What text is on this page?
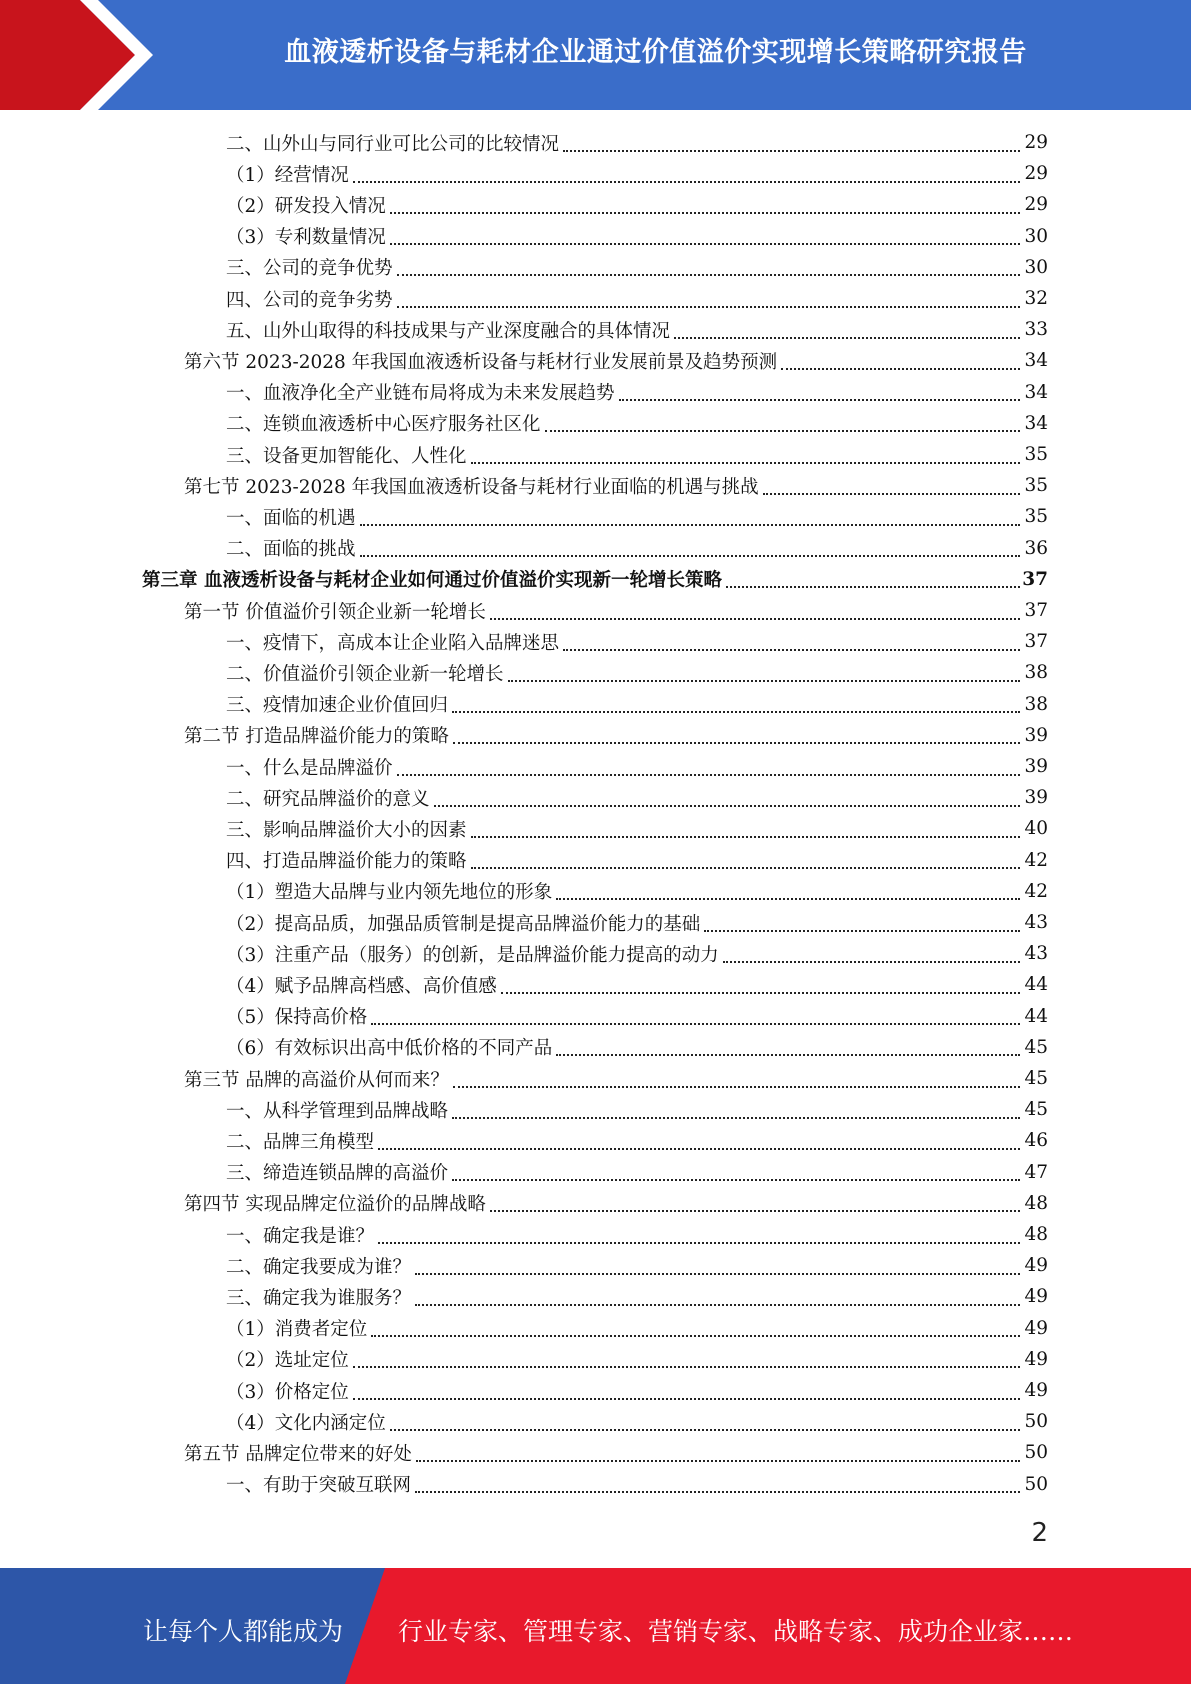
血液透析设备与耗材企业通过价值溢价实现增长策略研究报告
二、山外山与同行业可比公司的比较情况	29
（1）经营情况	29
（2）研发投入情况	29
（3）专利数量情况	30
三、公司的竞争优势	30
四、公司的竞争劣势	32
五、山外山取得的科技成果与产业深度融合的具体情况	33
第六节 2023-2028 年我国血液透析设备与耗材行业发展前景及趋势预测	34
一、血液净化全产业链布局将成为未来发展趋势	34
二、连锁血液透析中心医疗服务社区化	34
三、设备更加智能化、人性化	35
第七节 2023-2028 年我国血液透析设备与耗材行业面临的机遇与挑战	35
一、面临的机遇	35
二、面临的挑战	36
第三章 血液透析设备与耗材企业如何通过价值溢价实现新一轮增长策略	37
第一节 价值溢价引领企业新一轮增长	37
一、疫情下，高成本让企业陷入品牌迷思	37
二、价值溢价引领企业新一轮增长	38
三、疫情加速企业价值回归	38
第二节 打造品牌溢价能力的策略	39
一、什么是品牌溢价	39
二、研究品牌溢价的意义	39
三、影响品牌溢价大小的因素	40
四、打造品牌溢价能力的策略	42
（1）塑造大品牌与业内领先地位的形象	42
（2）提高品质，加强品质管制是提高品牌溢价能力的基础	43
（3）注重产品（服务）的创新，是品牌溢价能力提高的动力	43
（4）赋予品牌高档感、高价值感	44
（5）保持高价格	44
（6）有效标识出高中低价格的不同产品	45
第三节 品牌的高溢价从何而来？	45
一、从科学管理到品牌战略	45
二、品牌三角模型	46
三、缔造连锁品牌的高溢价	47
第四节 实现品牌定位溢价的品牌战略	48
一、确定我是谁？	48
二、确定我要成为谁？	49
三、确定我为谁服务？	49
（1）消费者定位	49
（2）选址定位	49
（3）价格定位	49
（4）文化内涵定位	50
第五节 品牌定位带来的好处	50
一、有助于突破互联网	50
2
让每个人都能成为 行业专家、管理专家、营销专家、战略专家、成功企业家……
